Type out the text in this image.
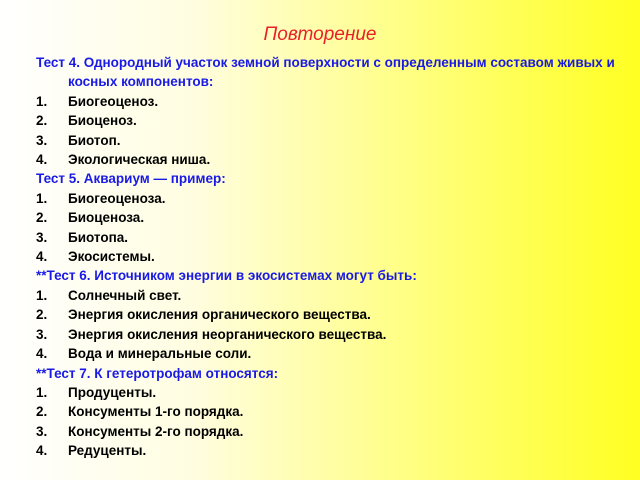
Повторение
Тест 4. Однородный участок земной поверхности с определенным составом живых и косных компонентов:
1.	Биогеоценоз.
2.	Биоценоз.
3.	Биотоп.
4.	Экологическая ниша.
Тест 5. Аквариум — пример:
1.	Биогеоценоза.
2.	Биоценоза.
3.	Биотопа.
4.	Экосистемы.
**Тест 6. Источником энергии в экосистемах могут быть:
1.	Солнечный свет.
2.	Энергия окисления органического вещества.
3.	Энергия окисления неорганического вещества.
4.	Вода и минеральные соли.
**Тест 7. К гетеротрофам относятся:
1.	Продуценты.
2.	Консументы 1-го порядка.
3.	Консументы 2-го порядка.
4.	Редуценты.
